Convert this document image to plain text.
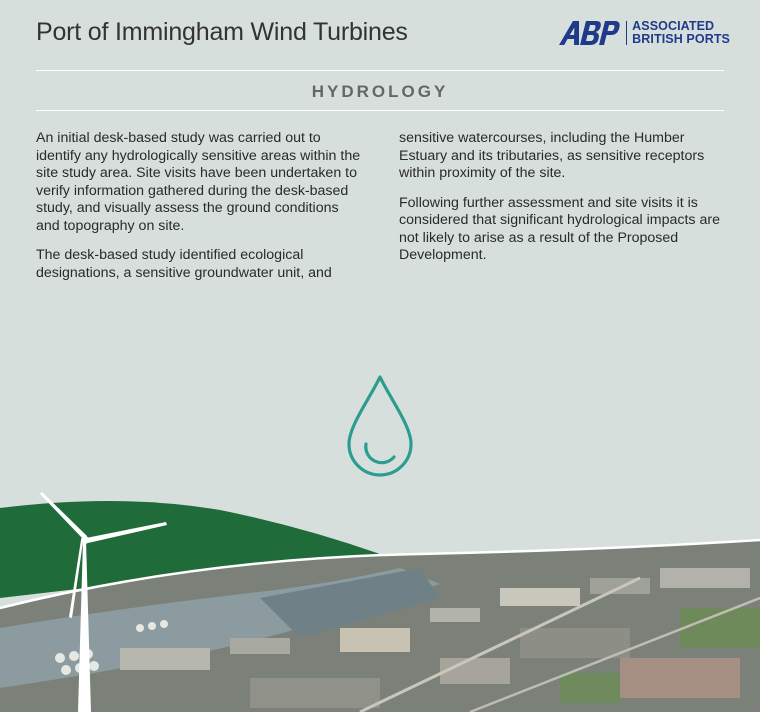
Port of Immingham Wind Turbines	ASSOCIATED
BRITISH PORTS
HYDROLOGY

An initial desk-based study was carried out to identify any hydrologically sensitive areas within the site study area. Site visits have been undertaken to verify information gathered during the desk-based study, and visually assess the ground conditions and topography on site.

The desk-based study identified ecological designations, a sensitive groundwater unit, and sensitive watercourses, including the Humber Estuary and its tributaries, as sensitive receptors within proximity of the site.

Following further assessment and site visits it is considered that significant hydrological impacts are not likely to arise as a result of the Proposed Development.
